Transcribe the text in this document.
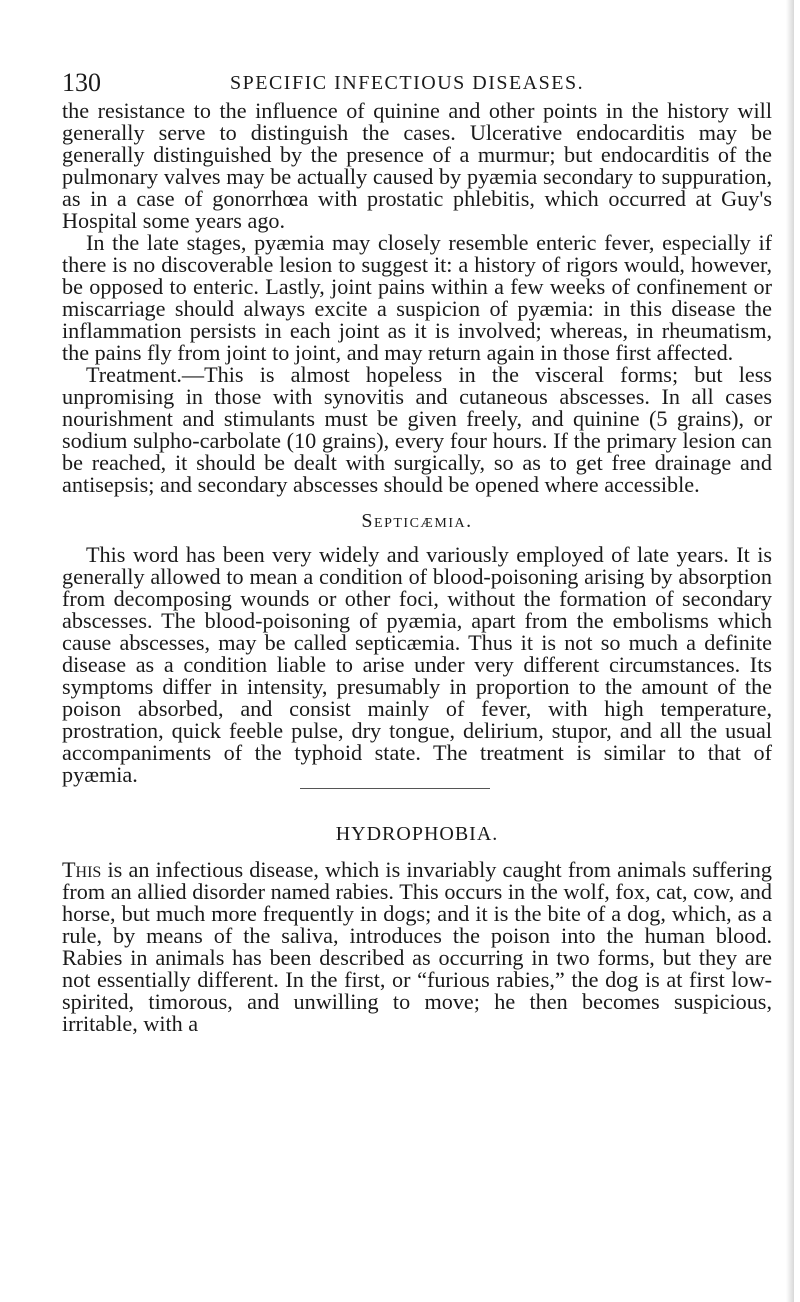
130	SPECIFIC INFECTIOUS DISEASES.

the resistance to the influence of quinine and other points in the history will generally serve to distinguish the cases. Ulcerative endocarditis may be generally distinguished by the presence of a murmur; but endocarditis of the pulmonary valves may be actually caused by pyæmia secondary to suppuration, as in a case of gonorrhœa with prostatic phlebitis, which occurred at Guy's Hospital some years ago.

In the late stages, pyæmia may closely resemble enteric fever, especially if there is no discoverable lesion to suggest it: a history of rigors would, however, be opposed to enteric. Lastly, joint pains within a few weeks of confinement or miscarriage should always excite a suspicion of pyæmia: in this disease the inflammation persists in each joint as it is involved; whereas, in rheumatism, the pains fly from joint to joint, and may return again in those first affected.

Treatment.—This is almost hopeless in the visceral forms; but less unpromising in those with synovitis and cutaneous abscesses. In all cases nourishment and stimulants must be given freely, and quinine (5 grains), or sodium sulpho-carbolate (10 grains), every four hours. If the primary lesion can be reached, it should be dealt with surgically, so as to get free drainage and antisepsis; and secondary abscesses should be opened where accessible.

Septicæmia.

This word has been very widely and variously employed of late years. It is generally allowed to mean a condition of blood-poisoning arising by absorption from decomposing wounds or other foci, without the formation of secondary abscesses. The blood-poisoning of pyæmia, apart from the embolisms which cause abscesses, may be called septicæmia. Thus it is not so much a definite disease as a condition liable to arise under very different circumstances. Its symptoms differ in intensity, presumably in proportion to the amount of the poison absorbed, and consist mainly of fever, with high temperature, prostration, quick feeble pulse, dry tongue, delirium, stupor, and all the usual accompaniments of the typhoid state. The treatment is similar to that of pyæmia.

HYDROPHOBIA.

This is an infectious disease, which is invariably caught from animals suffering from an allied disorder named rabies. This occurs in the wolf, fox, cat, cow, and horse, but much more frequently in dogs; and it is the bite of a dog, which, as a rule, by means of the saliva, introduces the poison into the human blood. Rabies in animals has been described as occurring in two forms, but they are not essentially different. In the first, or “furious rabies,” the dog is at first low-spirited, timorous, and unwilling to move; he then becomes suspicious, irritable, with a
